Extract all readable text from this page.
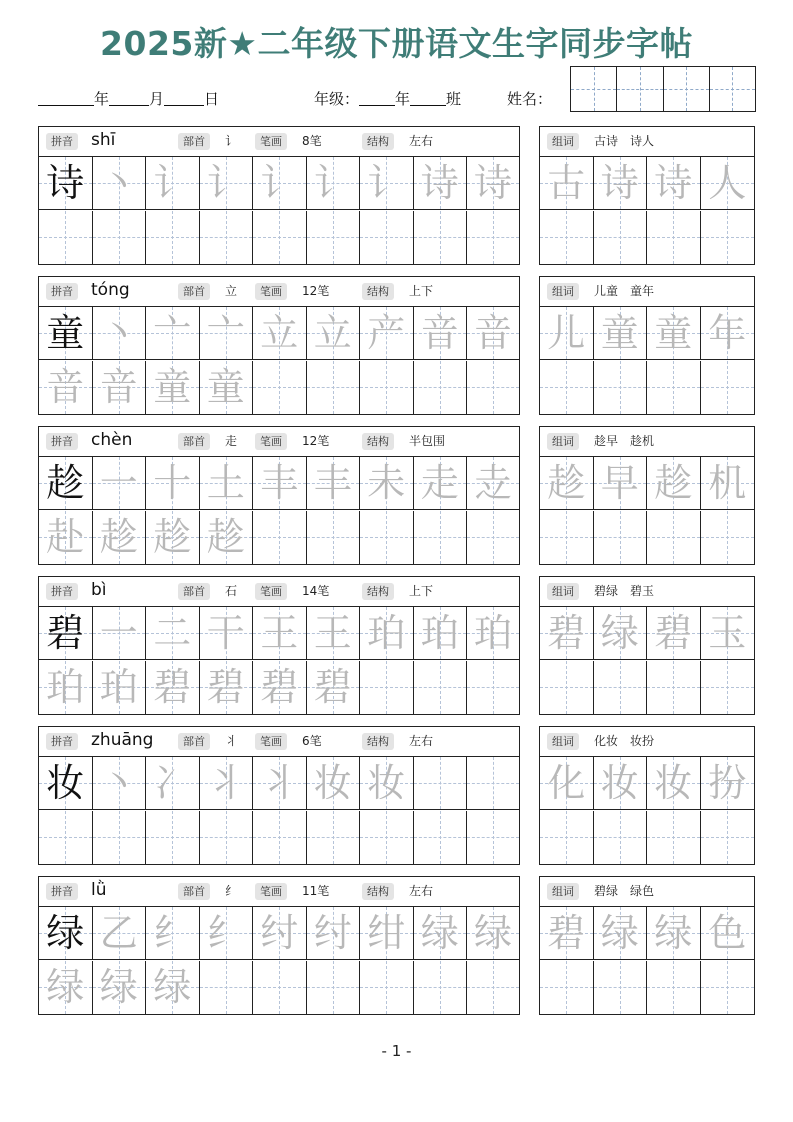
2025新★二年级下册语文生字同步字帖
年	月	日	年级： 年 班	姓名：
拼音	部首	笔画	结构
shī	讠	8笔	左右
诗 丶 讠 讠 讠 讠 讠 诗 诗
组词	古诗　诗人
古 诗 诗 人
拼音	部首	笔画	结构
tóng	立	12笔	上下
童 丶 亠 亠 立 立 产 音 音
音 音 童 童
组词	儿童　童年
儿 童 童 年
拼音	部首	笔画	结构
chèn	走	12笔	半包围
趁 一 十 土 丰 丰 未 走 赱
赴 趁 趁 趁
组词	趁早　趁机
趁 早 趁 机
拼音	部首	笔画	结构
bì	石	14笔	上下
碧 一 二 干 王 王 珀 珀 珀
珀 珀 碧 碧 碧 碧
组词	碧绿　碧玉
碧 绿 碧 玉
拼音	部首	笔画	结构
zhuāng	丬	6笔	左右
妆 丶 冫 丬 丬 妆 妆
组词	化妆　妆扮
化 妆 妆 扮
拼音	部首	笔画	结构
lǜ	纟	11笔	左右
绿 乙 纟 纟 纣 纣 绀 绿 绿
绿 绿 绿
组词	碧绿　绿色
碧 绿 绿 色
- 1 -
